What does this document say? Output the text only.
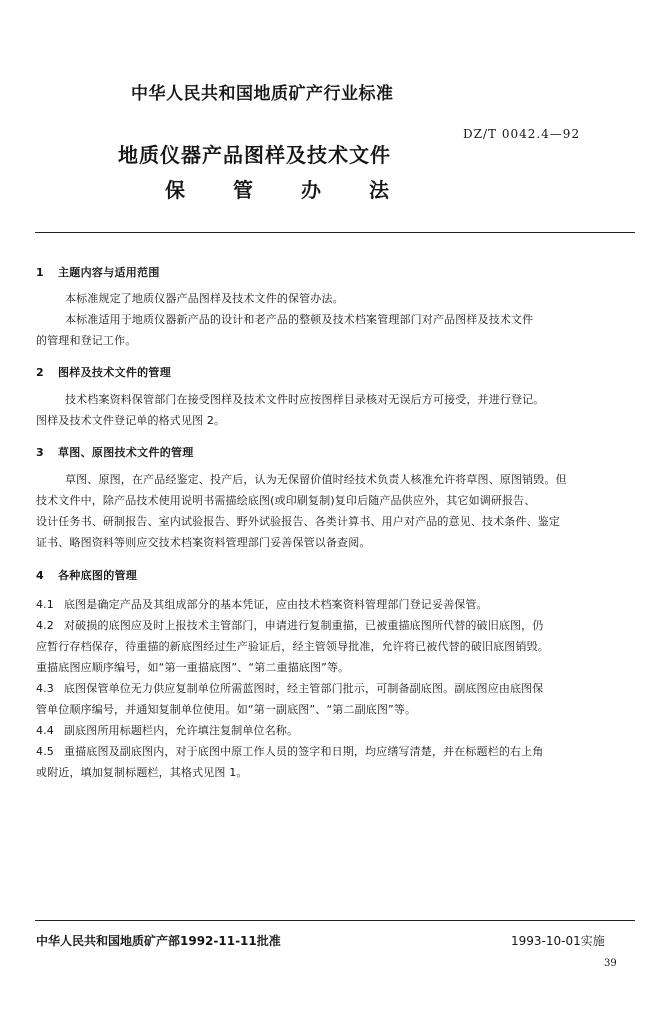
中华人民共和国地质矿产行业标准
DZ/T 0042.4—92
地质仪器产品图样及技术文件
保管办法
1 主题内容与适用范围
本标准规定了地质仪器产品图样及技术文件的保管办法。
本标准适用于地质仪器新产品的设计和老产品的整顿及技术档案管理部门对产品图样及技术文件
的管理和登记工作。
2 图样及技术文件的管理
技术档案资料保管部门在接受图样及技术文件时应按图样目录核对无误后方可接受，并进行登记。
图样及技术文件登记单的格式见图 2。
3 草图、原图技术文件的管理
草图、原图，在产品经鉴定、投产后，认为无保留价值时经技术负责人核准允许将草图、原图销毁。但
技术文件中，除产品技术使用说明书需描绘底图(或印刷复制)复印后随产品供应外，其它如调研报告、
设计任务书、研制报告、室内试验报告、野外试验报告、各类计算书、用户对产品的意见、技术条件、鉴定
证书、略图资料等则应交技术档案资料管理部门妥善保管以备查阅。
4 各种底图的管理
4.1 底图是确定产品及其组成部分的基本凭证，应由技术档案资料管理部门登记妥善保管。
4.2 对破损的底图应及时上报技术主管部门，申请进行复制重描，已被重描底图所代替的破旧底图，仍
应暂行存档保存，待重描的新底图经过生产验证后，经主管领导批准，允许将已被代替的破旧底图销毁。
重描底图应顺序编号，如“第一重描底图”、“第二重描底图”等。
4.3 底图保管单位无力供应复制单位所需蓝图时，经主管部门批示，可制备副底图。副底图应由底图保
管单位顺序编号，并通知复制单位使用。如“第一副底图”、“第二副底图”等。
4.4 副底图所用标题栏内，允许填注复制单位名称。
4.5 重描底图及副底图内，对于底图中原工作人员的签字和日期，均应缮写清楚，并在标题栏的右上角
或附近，填加复制标题栏，其格式见图 1。
中华人民共和国地质矿产部1992-11-11批准	1993-10-01实施
39
